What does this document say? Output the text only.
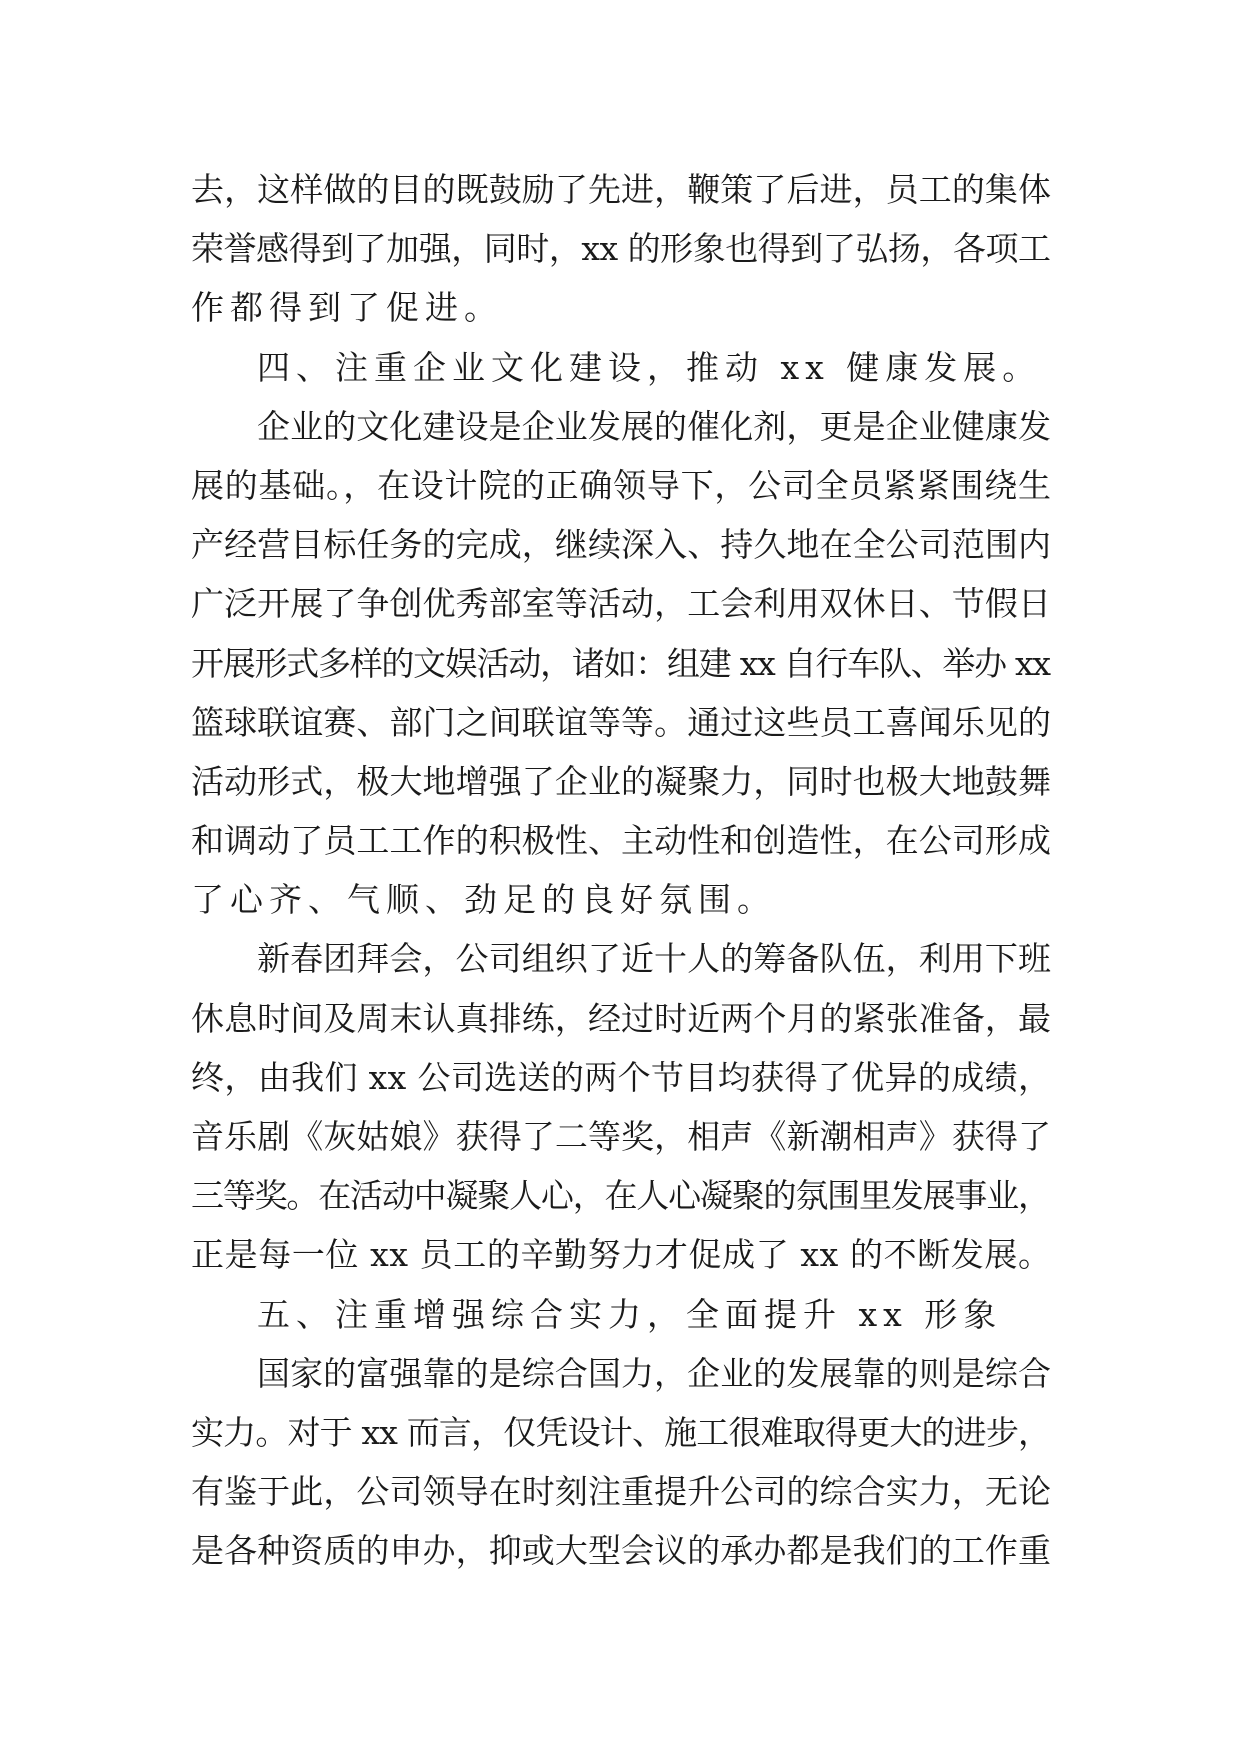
去，这样做的目的既鼓励了先进，鞭策了后进，员工的集体
荣誉感得到了加强，同时，xx 的形象也得到了弘扬，各项工
作都得到了促进。
四、注重企业文化建设，推动 xx 健康发展。
企业的文化建设是企业发展的催化剂，更是企业健康发
展的基础。，在设计院的正确领导下，公司全员紧紧围绕生
产经营目标任务的完成，继续深入、持久地在全公司范围内
广泛开展了争创优秀部室等活动，工会利用双休日、节假日
开展形式多样的文娱活动，诸如：组建 xx 自行车队、举办 xx
篮球联谊赛、部门之间联谊等等。通过这些员工喜闻乐见的
活动形式，极大地增强了企业的凝聚力，同时也极大地鼓舞
和调动了员工工作的积极性、主动性和创造性，在公司形成
了心齐、气顺、劲足的良好氛围。
新春团拜会，公司组织了近十人的筹备队伍，利用下班
休息时间及周末认真排练，经过时近两个月的紧张准备，最
终，由我们 xx 公司选送的两个节目均获得了优异的成绩，
音乐剧《灰姑娘》获得了二等奖，相声《新潮相声》获得了
三等奖。在活动中凝聚人心，在人心凝聚的氛围里发展事业，
正是每一位 xx 员工的辛勤努力才促成了 xx 的不断发展。
五、注重增强综合实力，全面提升 xx 形象
国家的富强靠的是综合国力，企业的发展靠的则是综合
实力。对于 xx 而言，仅凭设计、施工很难取得更大的进步，
有鉴于此，公司领导在时刻注重提升公司的综合实力，无论
是各种资质的申办，抑或大型会议的承办都是我们的工作重
